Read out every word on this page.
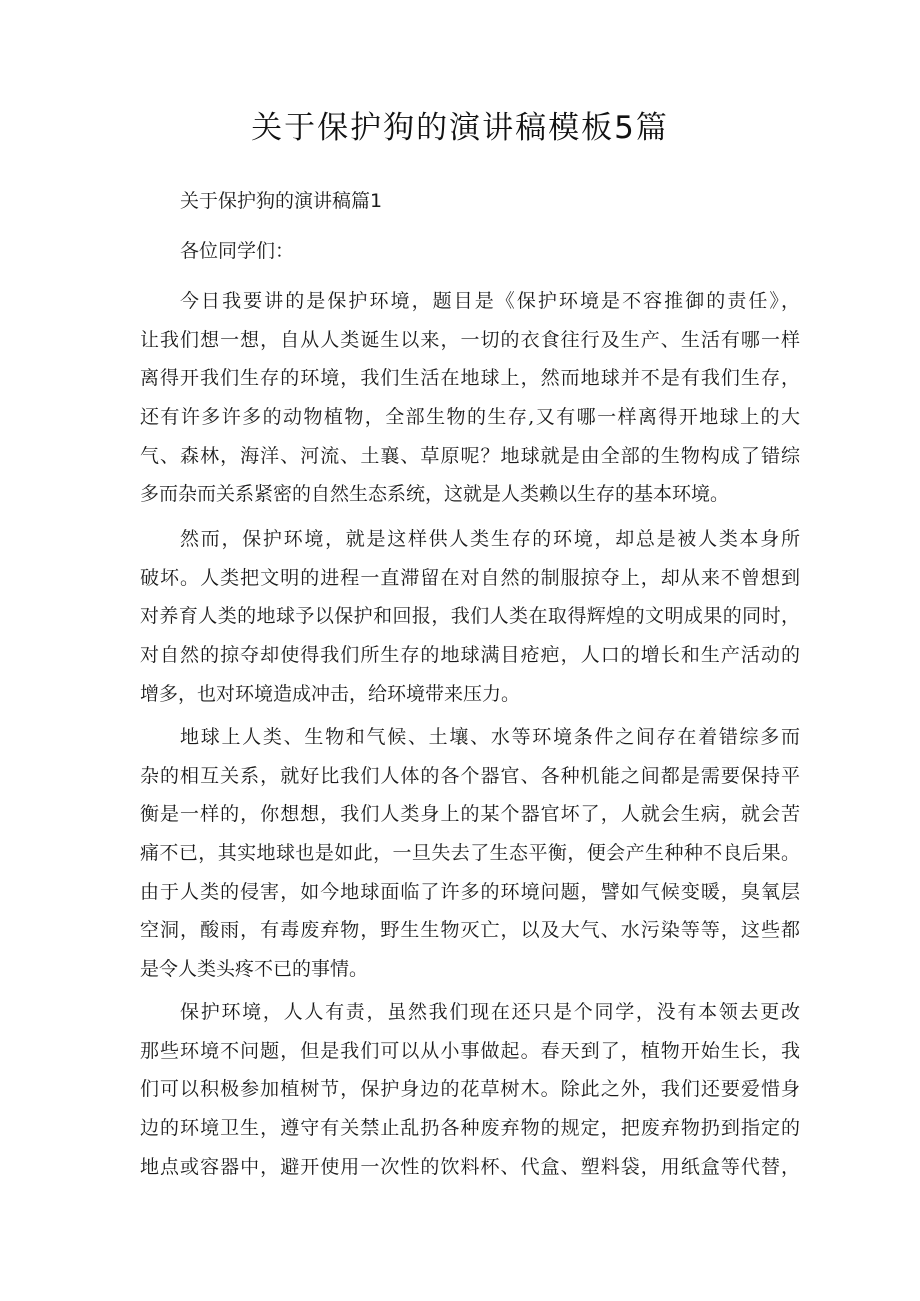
关于保护狗的演讲稿模板5篇
关于保护狗的演讲稿篇1

各位同学们：

今日我要讲的是保护环境，题目是《保护环境是不容推御的责任》，
让我们想一想，自从人类诞生以来，一切的衣食往行及生产、生活有哪一样
离得开我们生存的环境，我们生活在地球上，然而地球并不是有我们生存，
还有许多许多的动物植物，全部生物的生存,又有哪一样离得开地球上的大
气、森林，海洋、河流、土襄、草原呢？地球就是由全部的生物构成了错综
多而杂而关系紧密的自然生态系统，这就是人类赖以生存的基本环境。

然而，保护环境，就是这样供人类生存的环境，却总是被人类本身所
破坏。人类把文明的进程一直滞留在对自然的制服掠夺上，却从来不曾想到
对养育人类的地球予以保护和回报，我们人类在取得辉煌的文明成果的同时，
对自然的掠夺却使得我们所生存的地球满目疮疤，人口的增长和生产活动的
增多，也对环境造成冲击，给环境带来压力。

地球上人类、生物和气候、土壤、水等环境条件之间存在着错综多而
杂的相互关系，就好比我们人体的各个器官、各种机能之间都是需要保持平
衡是一样的，你想想，我们人类身上的某个器官坏了，人就会生病，就会苦
痛不已，其实地球也是如此，一旦失去了生态平衡，便会产生种种不良后果。
由于人类的侵害，如今地球面临了许多的环境问题，譬如气候变暖，臭氧层
空洞，酸雨，有毒废弃物，野生生物灭亡，以及大气、水污染等等，这些都
是令人类头疼不已的事情。

保护环境，人人有责，虽然我们现在还只是个同学，没有本领去更改
那些环境不问题，但是我们可以从小事做起。春天到了，植物开始生长，我
们可以积极参加植树节，保护身边的花草树木。除此之外，我们还要爱惜身
边的环境卫生，遵守有关禁止乱扔各种废弃物的规定，把废弃物扔到指定的
地点或容器中，避开使用一次性的饮料杯、代盒、塑料袋，用纸盒等代替，
